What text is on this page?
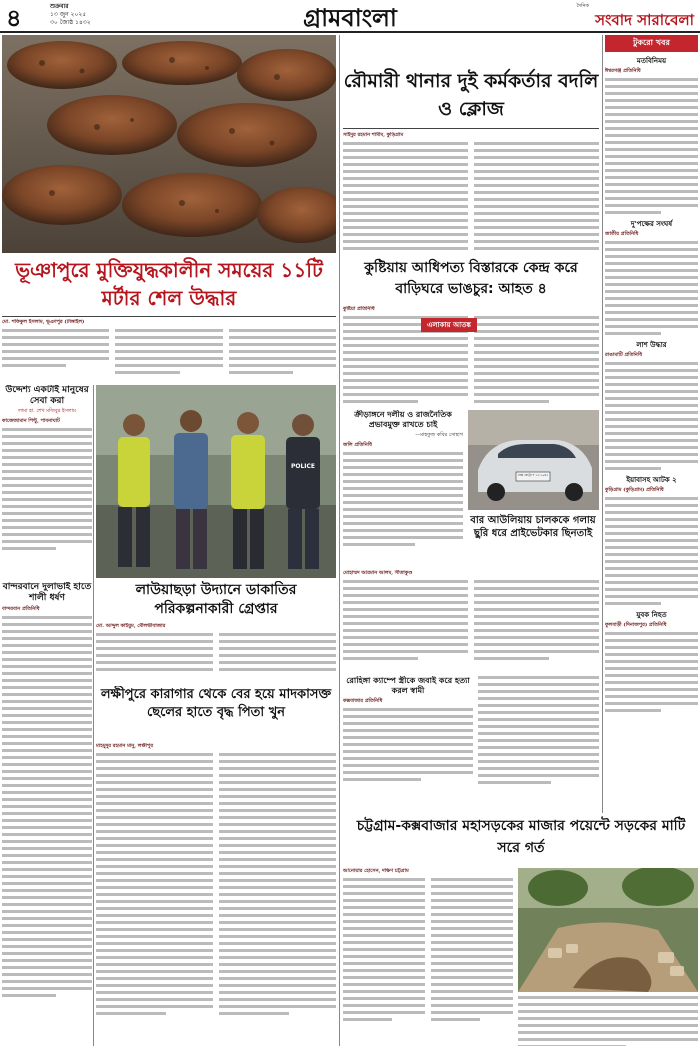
৪	শুক্রবার
১৩ জুন ২০২৫
৩০ জ্যৈষ্ঠ ১৪৩২	গ্রামবাংলা	দৈনিক
সংবাদ সারাবেলা
ভূঞাপুরে মুক্তিযুদ্ধকালীন সময়ের ১১টি মর্টার শেল উদ্ধার
মো. শফিকুল ইসলাম, ভূঞাপুর (টাঙ্গাইল)
উদ্দেশ্য একটাই মানুষের সেবা করা
লামা হা. শেখ মজিবুর ইসলাম
কাজেজামান পিন্টু, পাবনাঘাট
POLICE
লাউয়াছড়া উদ্যানে ডাকাতির পরিকল্পনাকারী গ্রেপ্তার
মো. আব্দুল কাইয়ুম, মৌলভীবাজার
বান্দরবানে দুলাভাই হাতে শালী ধর্ষণ
বান্দরবান প্রতিনিধি
লক্ষীপুরে কারাগার থেকে বের হয়ে মাদকাসক্ত ছেলের হাতে বৃদ্ধ পিতা খুন
মাহমুদুর রহমান মানু, লক্ষীপুর
রৌমারী থানার দুই কর্মকর্তার বদলি ও ক্লোজ
সাইদুর রহমান শামীম, কুড়িগ্রাম
কুষ্টিয়ায় আধিপত্য বিস্তারকে কেন্দ্র করে বাড়িঘরে ভাঙচুর: আহত ৪
কুষ্টিয়া প্রতিনিধি
এলাকায় আতঙ্ক
ক্রীড়াঙ্গনে দলীয় ও রাজনৈতিক প্রভাবমুক্ত রাখতে চাই
—মাহফুজ কবির সোহাগ
জলি প্রতিনিধি
ঢাকা মেট্রো গ ১৩-১০৪৫
বার আউলিয়ায় চালককে গলায় ছুরি ধরে প্রাইভেটকার ছিনতাই
মোহাম্মদ আরমান আলম, সীতাকুণ্ড
রোহিঙ্গা ক্যাম্পে স্ত্রীকে জবাই করে হত্যা করল স্বামী
কক্সবাজার প্রতিনিধি
চট্টগ্রাম-কক্সবাজার মহাসড়কের মাজার পয়েন্টে সড়কের মাটি সরে গর্ত
আনোয়ার হোসেন, দক্ষিণ চট্টগ্রাম
টুকরো খবর
মতবিনিময়
ঈশ্বরগঞ্জ প্রতিনিধি
দু'পক্ষের সংঘর্ষ
জাতীয় প্রতিনিধি
লাশ উদ্ধার
রাঙামাটি প্রতিনিধি
ইয়াবাসহ আটক ২
কুড়িগ্রাম (কুড়িগ্রাম) প্রতিনিধি
যুবক নিহত
ফুলবাড়ী (দিনাজপুর) প্রতিনিধি
